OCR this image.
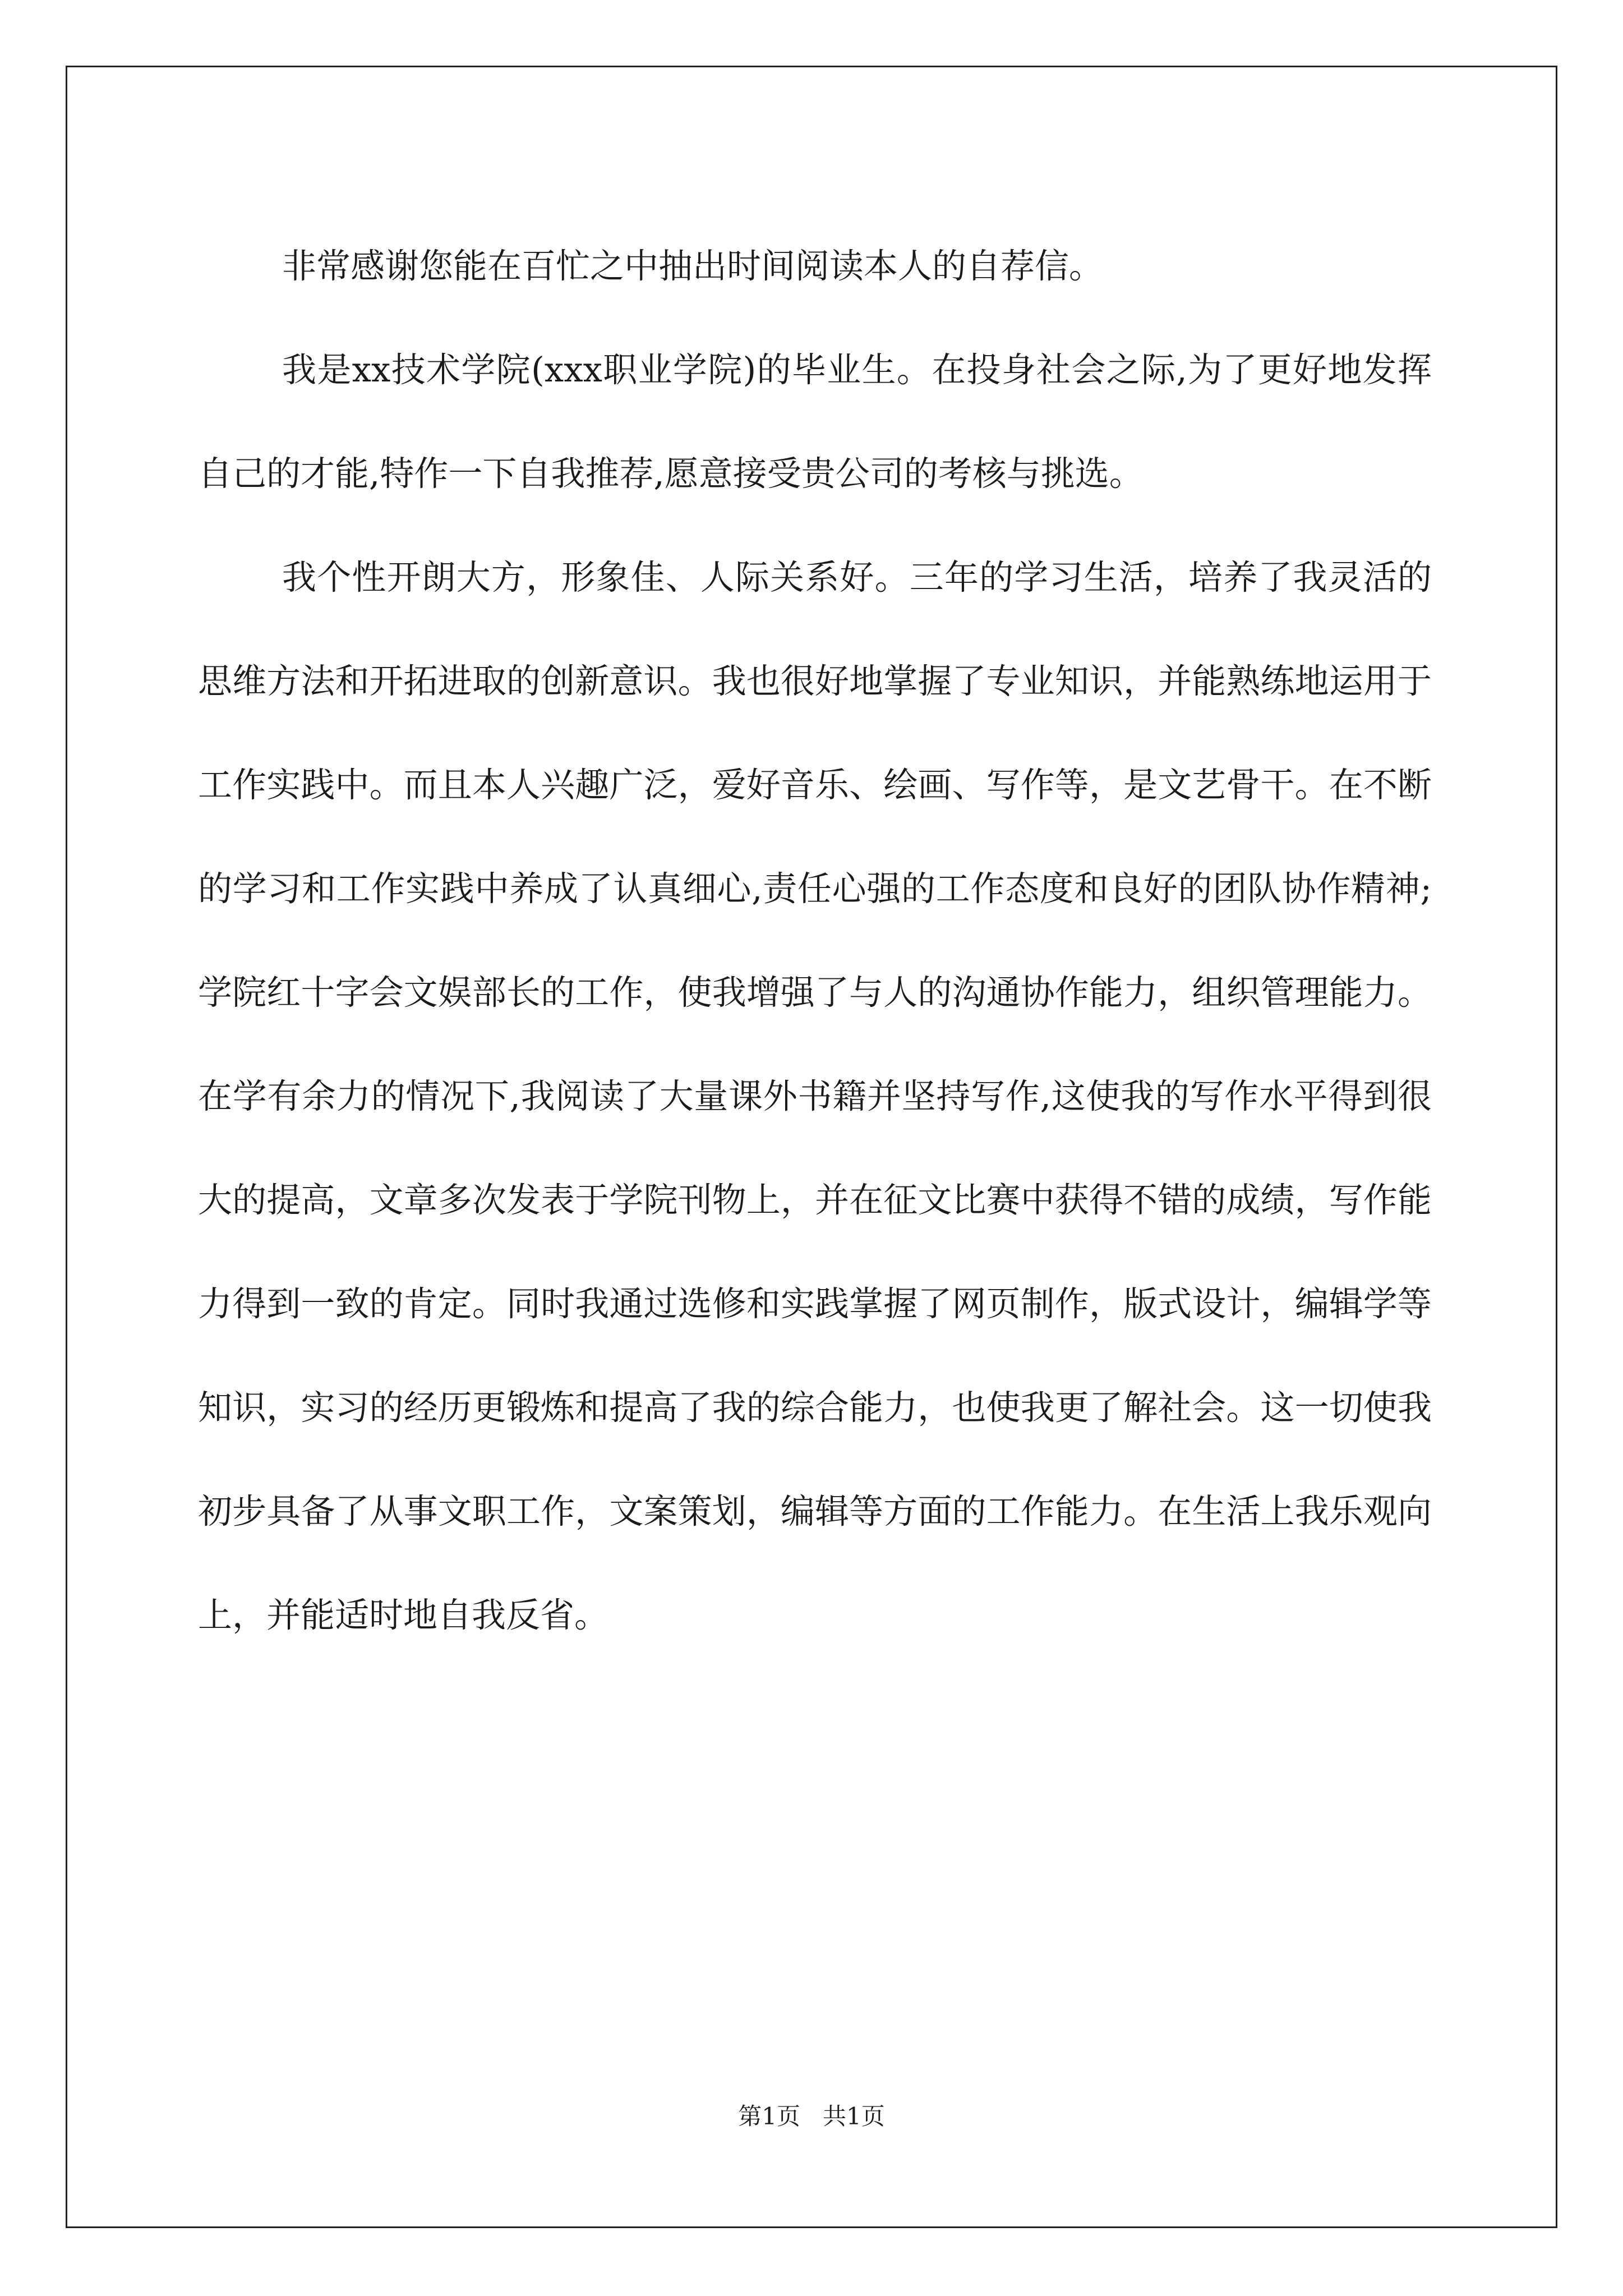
非常感谢您能在百忙之中抽出时间阅读本人的自荐信。

我是xx技术学院(xxx职业学院)的毕业生。在投身社会之际,为了更好地发挥自己的才能,特作一下自我推荐,愿意接受贵公司的考核与挑选。

我个性开朗大方，形象佳、人际关系好。三年的学习生活，培养了我灵活的思维方法和开拓进取的创新意识。我也很好地掌握了专业知识，并能熟练地运用于工作实践中。而且本人兴趣广泛，爱好音乐、绘画、写作等，是文艺骨干。在不断的学习和工作实践中养成了认真细心,责任心强的工作态度和良好的团队协作精神;学院红十字会文娱部长的工作，使我增强了与人的沟通协作能力，组织管理能力。在学有余力的情况下,我阅读了大量课外书籍并坚持写作,这使我的写作水平得到很大的提高，文章多次发表于学院刊物上，并在征文比赛中获得不错的成绩，写作能力得到一致的肯定。同时我通过选修和实践掌握了网页制作，版式设计，编辑学等知识，实习的经历更锻炼和提高了我的综合能力，也使我更了解社会。这一切使我初步具备了从事文职工作，文案策划，编辑等方面的工作能力。在生活上我乐观向上，并能适时地自我反省。

第1页   共1页
